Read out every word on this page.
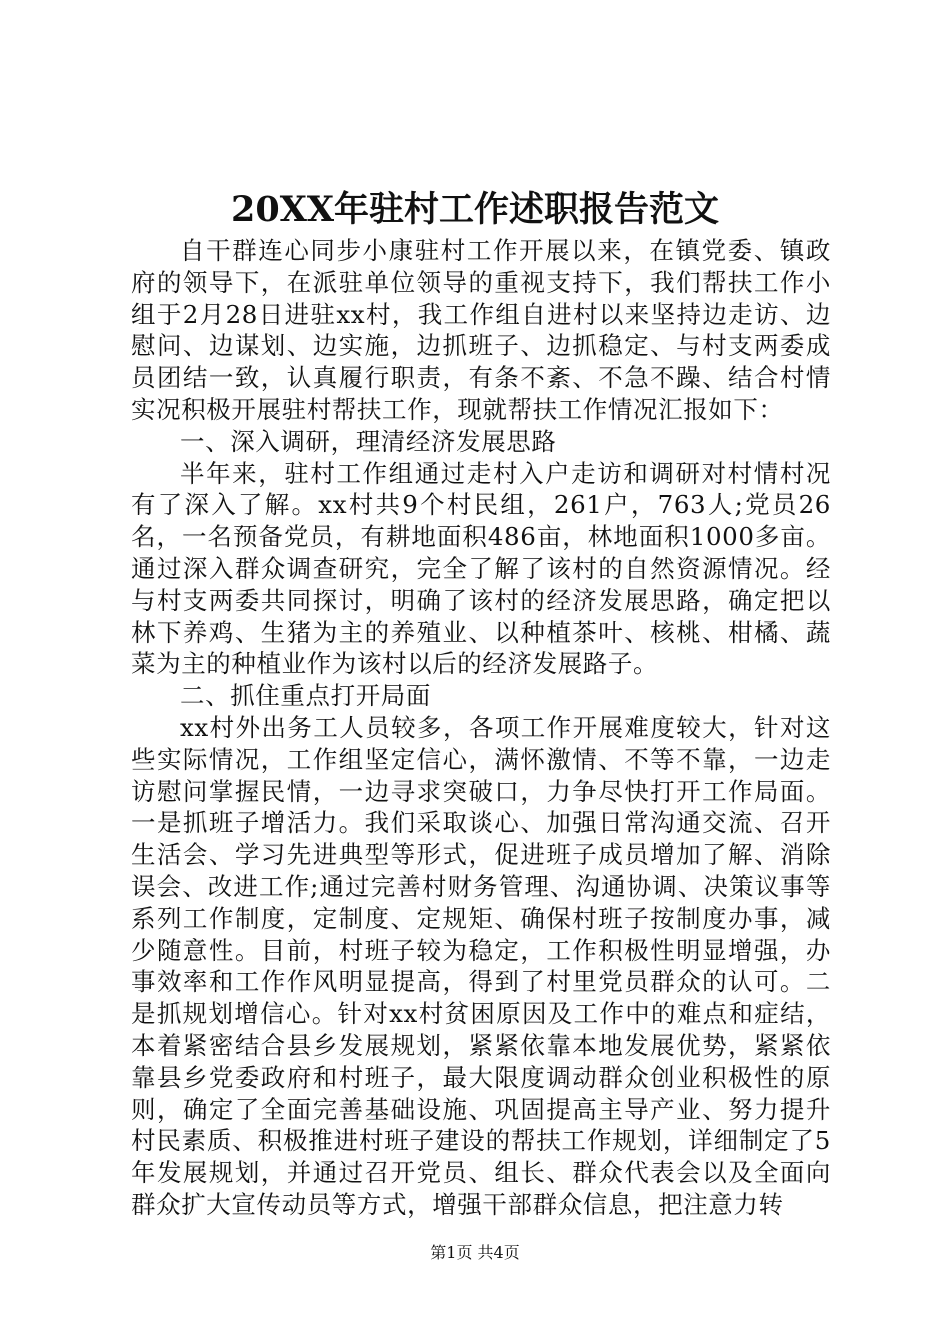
20XX年驻村工作述职报告范文

自干群连心同步小康驻村工作开展以来，在镇党委、镇政府的领导下，在派驻单位领导的重视支持下，我们帮扶工作小组于2月28日进驻xx村，我工作组自进村以来坚持边走访、边慰问、边谋划、边实施，边抓班子、边抓稳定、与村支两委成员团结一致，认真履行职责，有条不紊、不急不躁、结合村情实况积极开展驻村帮扶工作，现就帮扶工作情况汇报如下：

一、深入调研，理清经济发展思路

半年来，驻村工作组通过走村入户走访和调研对村情村况有了深入了解。xx村共9个村民组，261户，763人;党员26名，一名预备党员，有耕地面积486亩，林地面积1000多亩。通过深入群众调查研究，完全了解了该村的自然资源情况。经与村支两委共同探讨，明确了该村的经济发展思路，确定把以林下养鸡、生猪为主的养殖业、以种植茶叶、核桃、柑橘、蔬菜为主的种植业作为该村以后的经济发展路子。

二、抓住重点打开局面

xx村外出务工人员较多，各项工作开展难度较大，针对这些实际情况，工作组坚定信心，满怀激情、不等不靠，一边走访慰问掌握民情，一边寻求突破口，力争尽快打开工作局面。一是抓班子增活力。我们采取谈心、加强日常沟通交流、召开生活会、学习先进典型等形式，促进班子成员增加了解、消除误会、改进工作;通过完善村财务管理、沟通协调、决策议事等系列工作制度，定制度、定规矩、确保村班子按制度办事，减少随意性。目前，村班子较为稳定，工作积极性明显增强，办事效率和工作作风明显提高，得到了村里党员群众的认可。二是抓规划增信心。针对xx村贫困原因及工作中的难点和症结，本着紧密结合县乡发展规划，紧紧依靠本地发展优势，紧紧依靠县乡党委政府和村班子，最大限度调动群众创业积极性的原则，确定了全面完善基础设施、巩固提高主导产业、努力提升村民素质、积极推进村班子建设的帮扶工作规划，详细制定了5年发展规划，并通过召开党员、组长、群众代表会以及全面向群众扩大宣传动员等方式，增强干部群众信息，把注意力转

第1页 共4页
